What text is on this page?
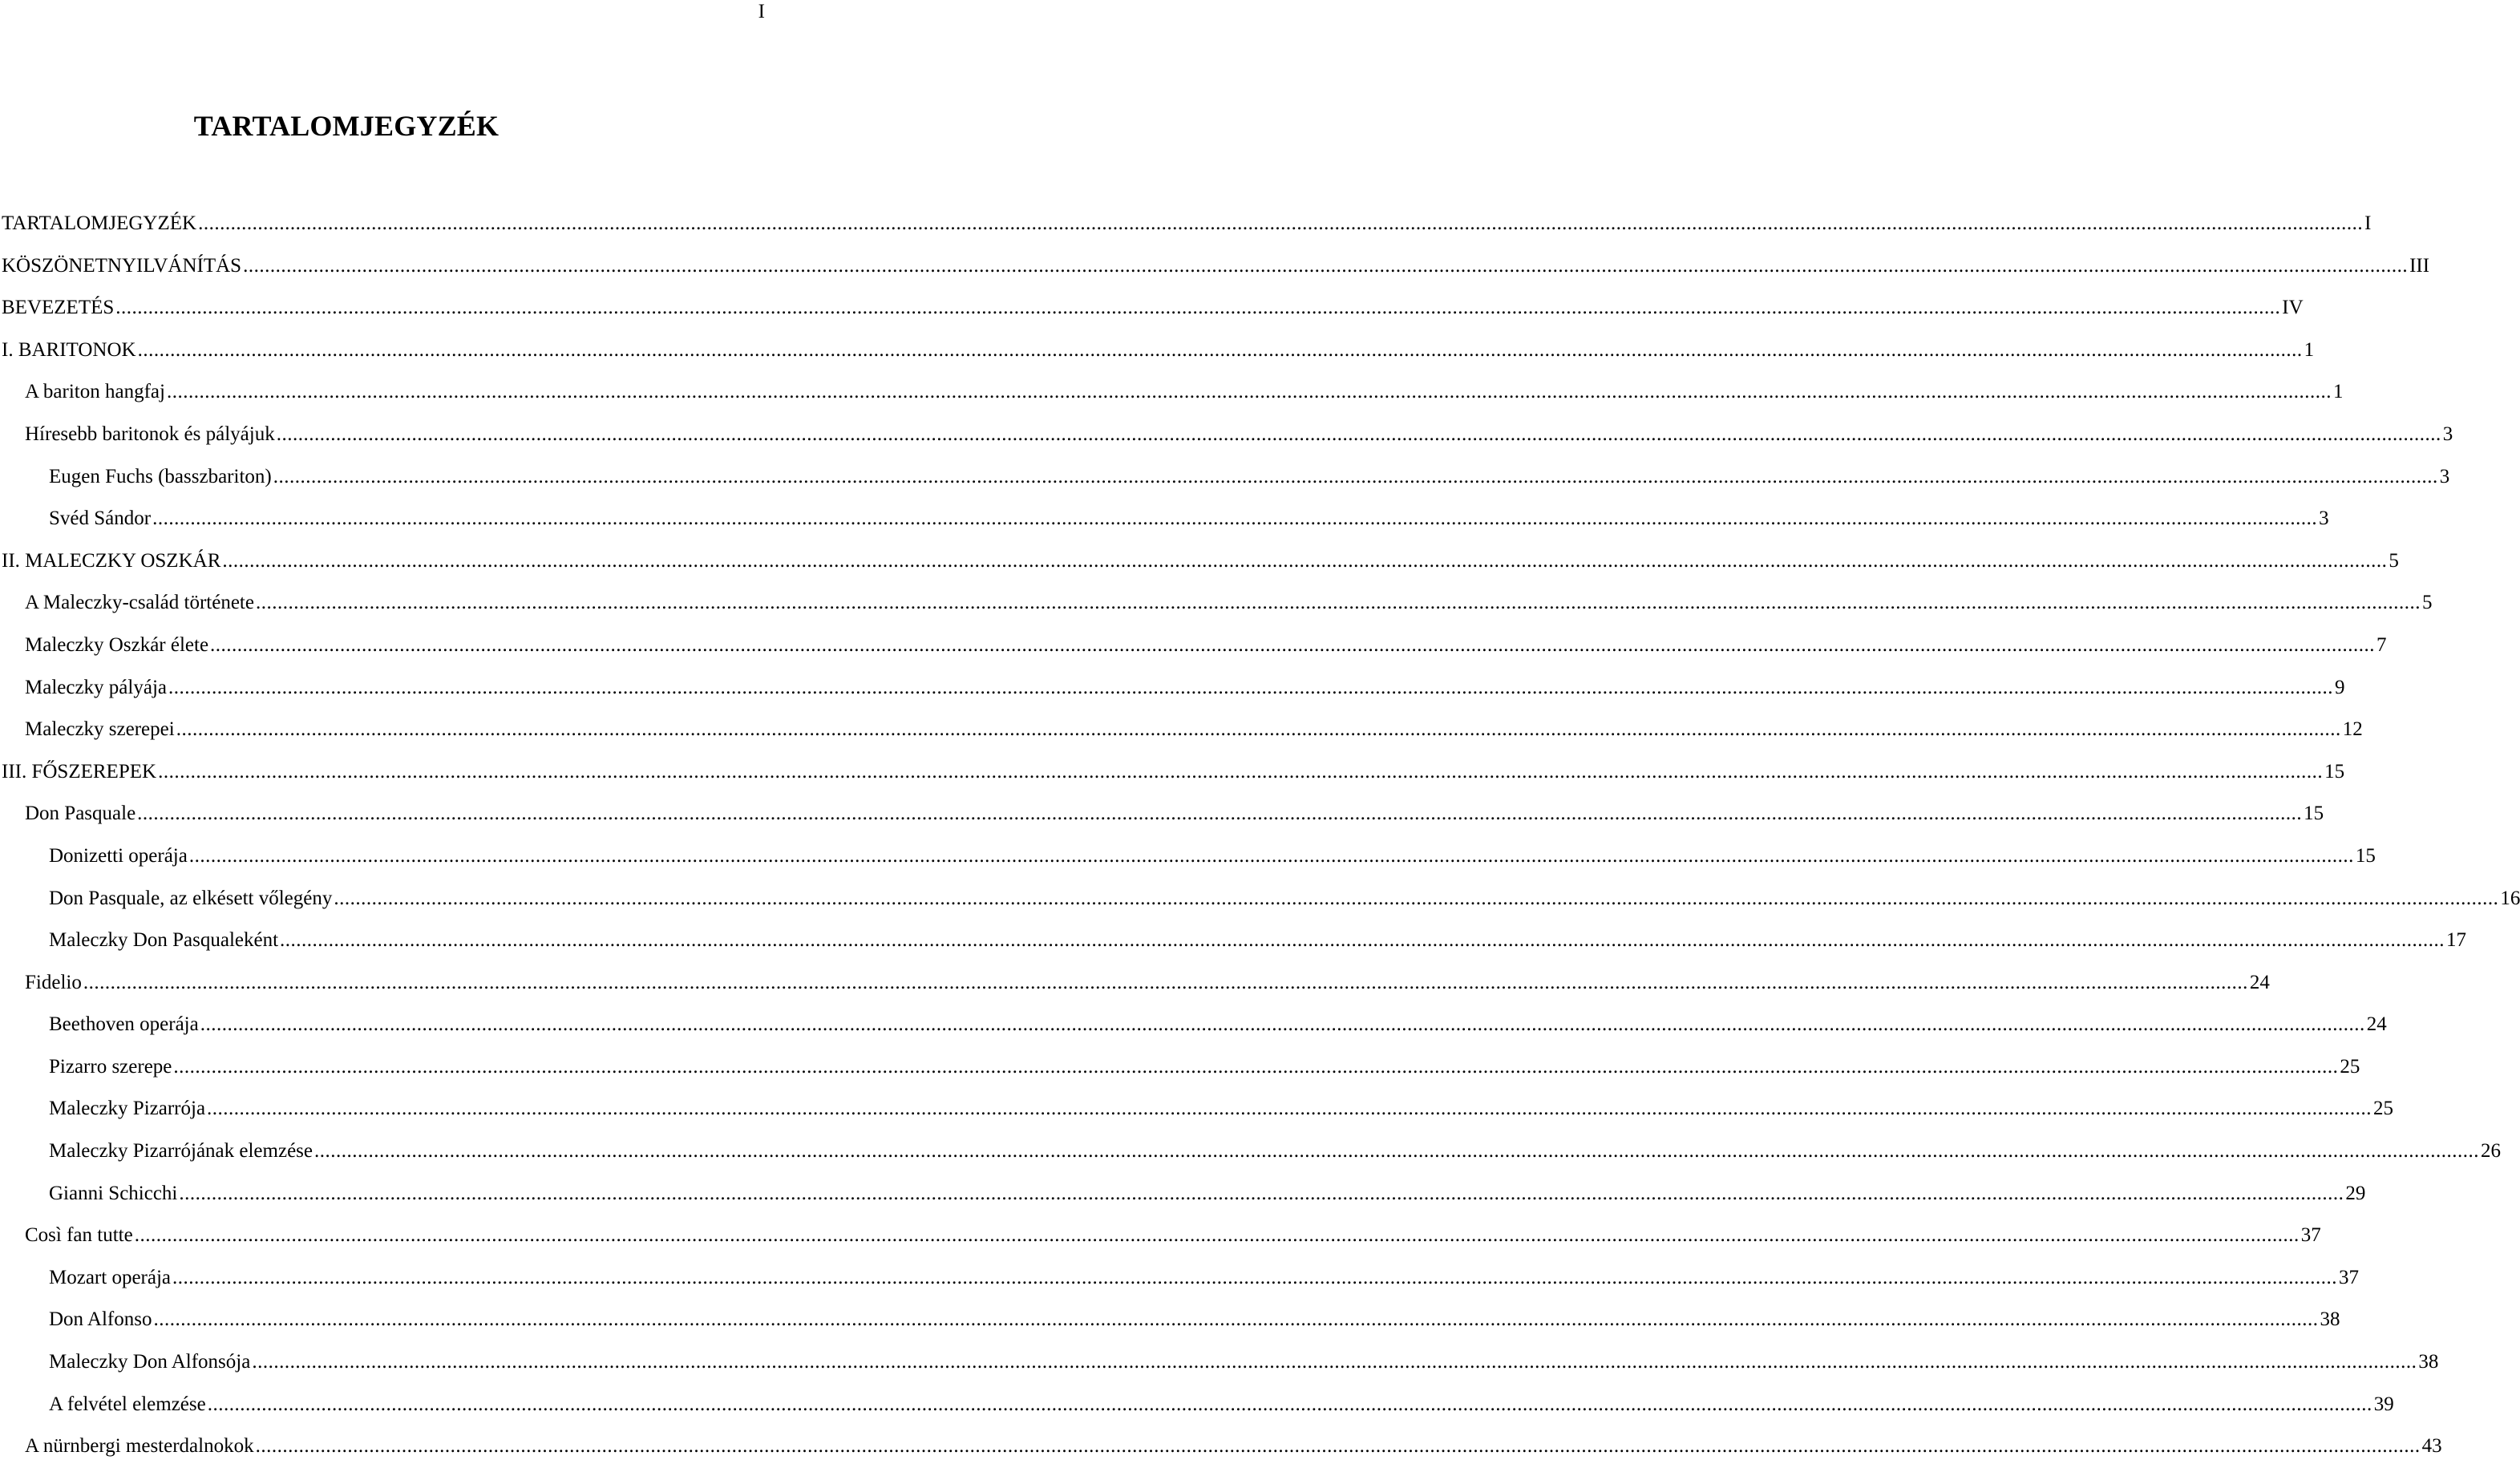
I
TARTALOMJEGYZÉK
TARTALOMJEGYZÉK ................................................................................................................................................................................................................................................................................................................................................................................................................ I
KÖSZÖNETNYILVÁNÍTÁS ................................................................................................................................................................................................................................................................................................................................................................................................................ III
BEVEZETÉS ................................................................................................................................................................................................................................................................................................................................................................................................................ IV
I. BARITONOK ................................................................................................................................................................................................................................................................................................................................................................................................................ 1
A bariton hangfaj ................................................................................................................................................................................................................................................................................................................................................................................................................ 1
Híresebb baritonok és pályájuk ................................................................................................................................................................................................................................................................................................................................................................................................................ 3
Eugen Fuchs (basszbariton) ................................................................................................................................................................................................................................................................................................................................................................................................................ 3
Svéd Sándor ................................................................................................................................................................................................................................................................................................................................................................................................................ 3
II. MALECZKY OSZKÁR ................................................................................................................................................................................................................................................................................................................................................................................................................ 5
A Maleczky-család története ................................................................................................................................................................................................................................................................................................................................................................................................................ 5
Maleczky Oszkár élete ................................................................................................................................................................................................................................................................................................................................................................................................................ 7
Maleczky pályája ................................................................................................................................................................................................................................................................................................................................................................................................................ 9
Maleczky szerepei ................................................................................................................................................................................................................................................................................................................................................................................................................ 12
III. FŐSZEREPEK ................................................................................................................................................................................................................................................................................................................................................................................................................ 15
Don Pasquale ................................................................................................................................................................................................................................................................................................................................................................................................................ 15
Donizetti operája ................................................................................................................................................................................................................................................................................................................................................................................................................ 15
Don Pasquale, az elkésett vőlegény ................................................................................................................................................................................................................................................................................................................................................................................................................ 16
Maleczky Don Pasqualeként ................................................................................................................................................................................................................................................................................................................................................................................................................ 17
Fidelio ................................................................................................................................................................................................................................................................................................................................................................................................................ 24
Beethoven operája ................................................................................................................................................................................................................................................................................................................................................................................................................ 24
Pizarro szerepe ................................................................................................................................................................................................................................................................................................................................................................................................................ 25
Maleczky Pizarrója ................................................................................................................................................................................................................................................................................................................................................................................................................ 25
Maleczky Pizarrójának elemzése ................................................................................................................................................................................................................................................................................................................................................................................................................ 26
Gianni Schicchi ................................................................................................................................................................................................................................................................................................................................................................................................................ 29
Così fan tutte ................................................................................................................................................................................................................................................................................................................................................................................................................ 37
Mozart operája ................................................................................................................................................................................................................................................................................................................................................................................................................ 37
Don Alfonso ................................................................................................................................................................................................................................................................................................................................................................................................................ 38
Maleczky Don Alfonsója ................................................................................................................................................................................................................................................................................................................................................................................................................ 38
A felvétel elemzése ................................................................................................................................................................................................................................................................................................................................................................................................................ 39
A nürnbergi mesterdalnokok ................................................................................................................................................................................................................................................................................................................................................................................................................ 43
